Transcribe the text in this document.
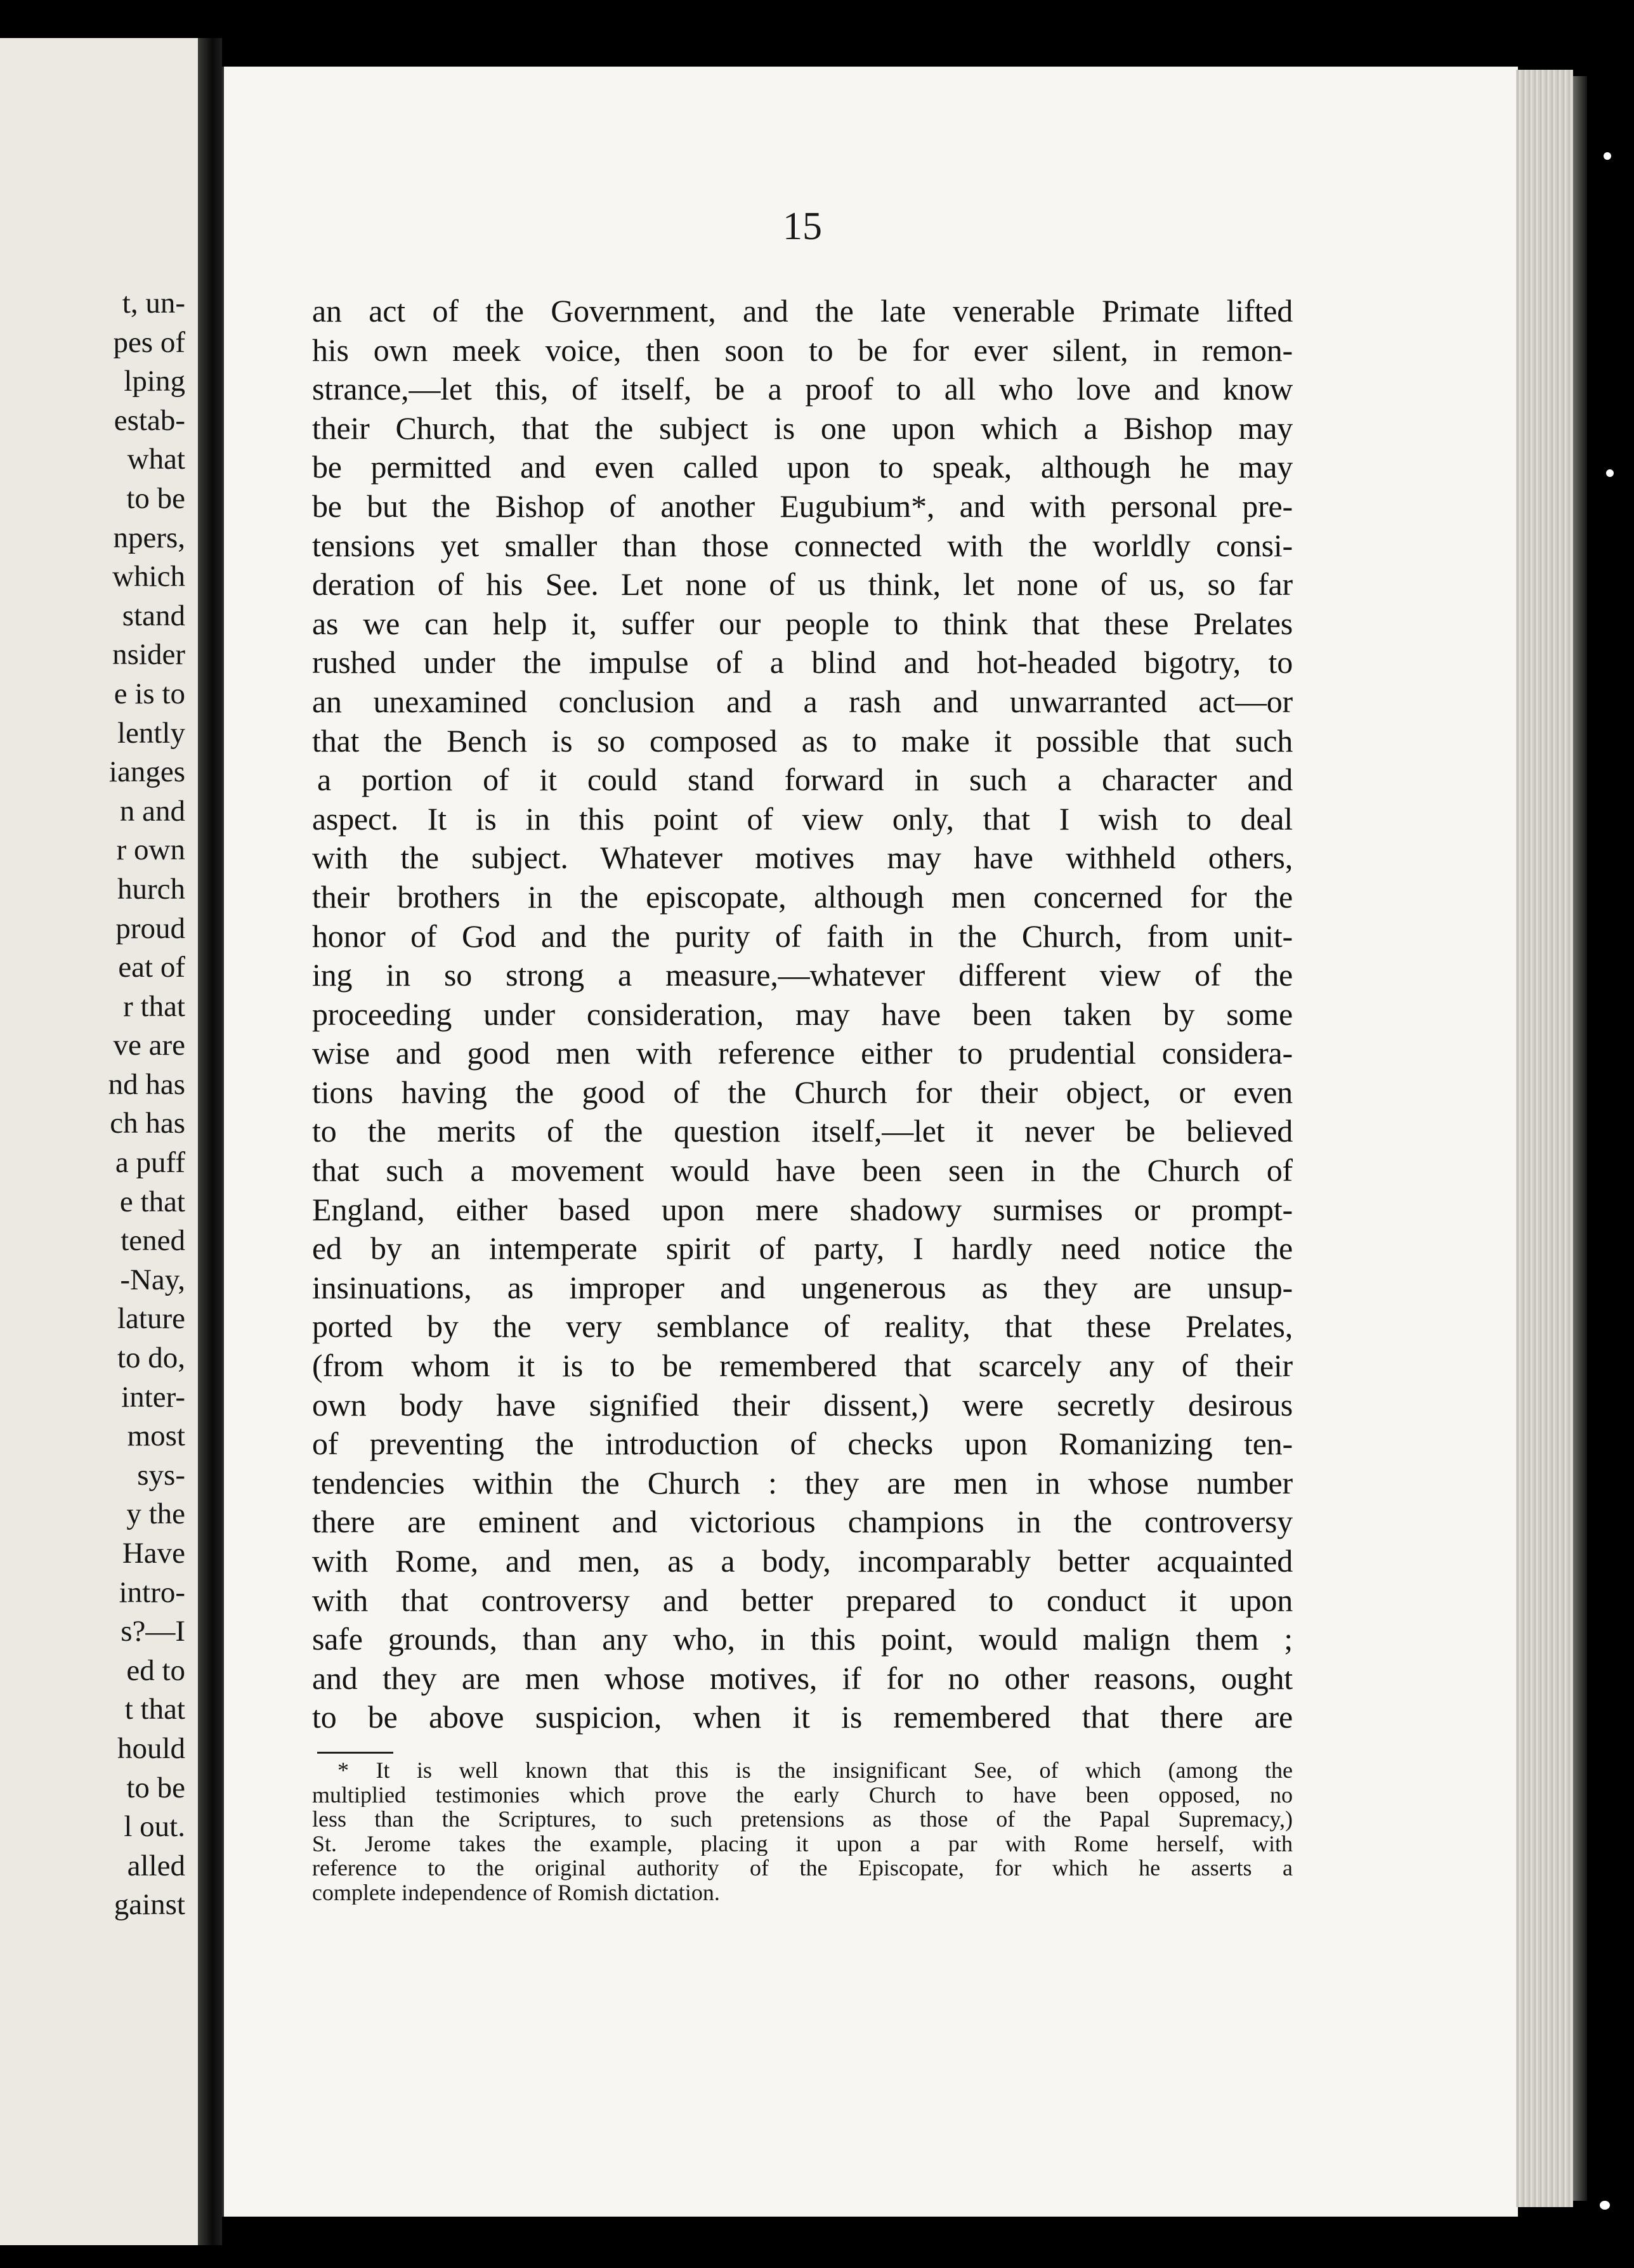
t, un-
pes of
lping
estab-
what
to be
npers,
which
stand
nsider
e is to
lently
ianges
n and
r own
hurch
proud
eat of
r that
ve are
nd has
ch has
a puff
e that
tened
-Nay,
lature
to do,
inter-
most
sys-
y the
Have
intro-
s?—I
ed to
t that
hould
to be
l out.
alled
gainst
15
an act of the Government, and the late venerable Primate lifted
his own meek voice, then soon to be for ever silent, in remon-
strance,—let this, of itself, be a proof to all who love and know
their Church, that the subject is one upon which a Bishop may
be permitted and even called upon to speak, although he may
be but the Bishop of another Eugubium*, and with personal pre-
tensions yet smaller than those connected with the worldly consi-
deration of his See. Let none of us think, let none of us, so far
as we can help it, suffer our people to think that these Prelates
rushed under the impulse of a blind and hot-headed bigotry, to
an unexamined conclusion and a rash and unwarranted act—or
that the Bench is so composed as to make it possible that such
a portion of it could stand forward in such a character and
aspect. It is in this point of view only, that I wish to deal
with the subject. Whatever motives may have withheld others,
their brothers in the episcopate, although men concerned for the
honor of God and the purity of faith in the Church, from unit-
ing in so strong a measure,—whatever different view of the
proceeding under consideration, may have been taken by some
wise and good men with reference either to prudential considera-
tions having the good of the Church for their object, or even
to the merits of the question itself,—let it never be believed
that such a movement would have been seen in the Church of
England, either based upon mere shadowy surmises or prompt-
ed by an intemperate spirit of party, I hardly need notice the
insinuations, as improper and ungenerous as they are unsup-
ported by the very semblance of reality, that these Prelates,
(from whom it is to be remembered that scarcely any of their
own body have signified their dissent,) were secretly desirous
of preventing the introduction of checks upon Romanizing ten-
tendencies within the Church : they are men in whose number
there are eminent and victorious champions in the controversy
with Rome, and men, as a body, incomparably better acquainted
with that controversy and better prepared to conduct it upon
safe grounds, than any who, in this point, would malign them ;
and they are men whose motives, if for no other reasons, ought
to be above suspicion, when it is remembered that there are
* It is well known that this is the insignificant See, of which (among the
multiplied testimonies which prove the early Church to have been opposed, no
less than the Scriptures, to such pretensions as those of the Papal Supremacy,)
St. Jerome takes the example, placing it upon a par with Rome herself, with
reference to the original authority of the Episcopate, for which he asserts a
complete independence of Romish dictation.
